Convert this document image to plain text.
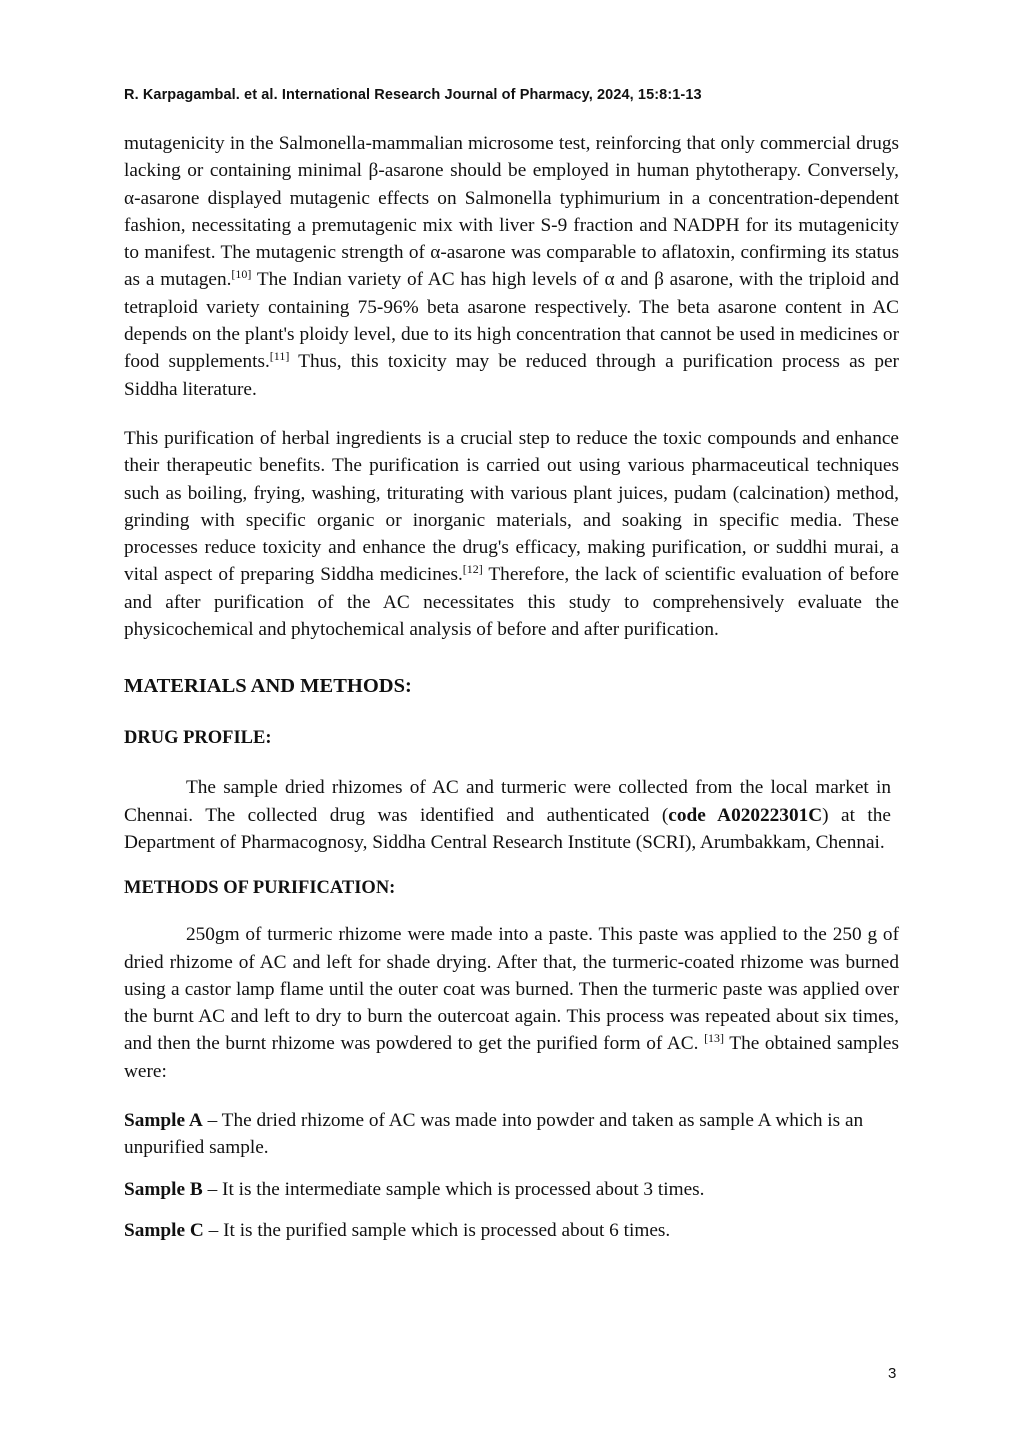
R. Karpagambal. et al. International Research Journal of Pharmacy, 2024, 15:8:1-13

mutagenicity in the Salmonella-mammalian microsome test, reinforcing that only commercial drugs lacking or containing minimal β-asarone should be employed in human phytotherapy. Conversely, α-asarone displayed mutagenic effects on Salmonella typhimurium in a concentration-dependent fashion, necessitating a premutagenic mix with liver S-9 fraction and NADPH for its mutagenicity to manifest. The mutagenic strength of α-asarone was comparable to aflatoxin, confirming its status as a mutagen.[10] The Indian variety of AC has high levels of α and β asarone, with the triploid and tetraploid variety containing 75-96% beta asarone respectively. The beta asarone content in AC depends on the plant's ploidy level, due to its high concentration that cannot be used in medicines or food supplements.[11] Thus, this toxicity may be reduced through a purification process as per Siddha literature.

This purification of herbal ingredients is a crucial step to reduce the toxic compounds and enhance their therapeutic benefits. The purification is carried out using various pharmaceutical techniques such as boiling, frying, washing, triturating with various plant juices, pudam (calcination) method, grinding with specific organic or inorganic materials, and soaking in specific media. These processes reduce toxicity and enhance the drug's efficacy, making purification, or suddhi murai, a vital aspect of preparing Siddha medicines.[12] Therefore, the lack of scientific evaluation of before and after purification of the AC necessitates this study to comprehensively evaluate the physicochemical and phytochemical analysis of before and after purification.

MATERIALS AND METHODS:
DRUG PROFILE:

The sample dried rhizomes of AC and turmeric were collected from the local market in Chennai. The collected drug was identified and authenticated (code A02022301C) at the Department of Pharmacognosy, Siddha Central Research Institute (SCRI), Arumbakkam, Chennai.

METHODS OF PURIFICATION:

250gm of turmeric rhizome were made into a paste. This paste was applied to the 250 g of dried rhizome of AC and left for shade drying. After that, the turmeric-coated rhizome was burned using a castor lamp flame until the outer coat was burned. Then the turmeric paste was applied over the burnt AC and left to dry to burn the outercoat again. This process was repeated about six times, and then the burnt rhizome was powdered to get the purified form of AC. [13] The obtained samples were:

Sample A – The dried rhizome of AC was made into powder and taken as sample A which is an unpurified sample.

Sample B – It is the intermediate sample which is processed about 3 times.

Sample C – It is the purified sample which is processed about 6 times.

3
